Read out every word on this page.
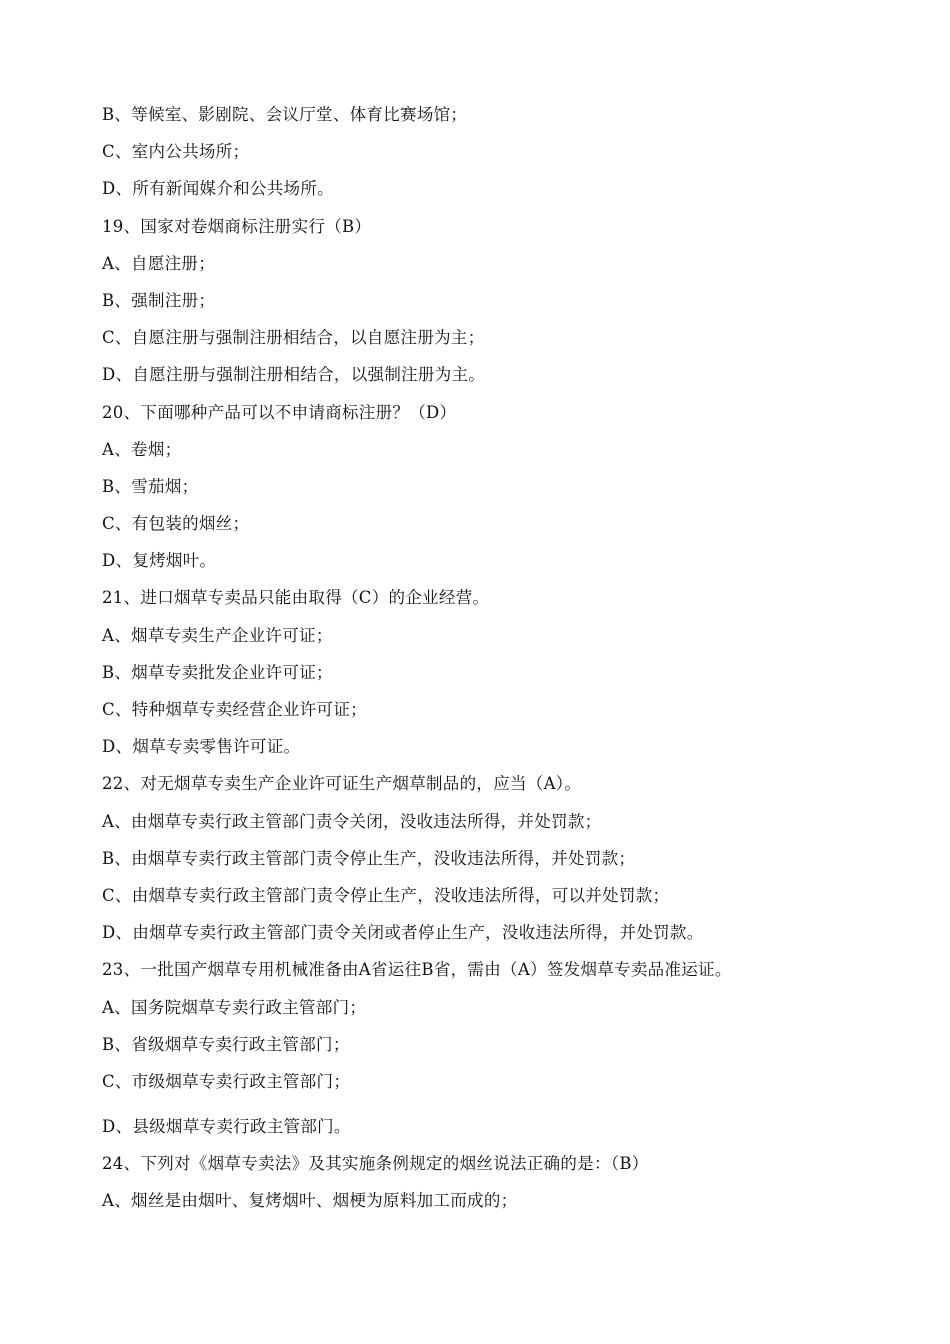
B、等候室、影剧院、会议厅堂、体育比赛场馆；
C、室内公共场所；
D、所有新闻媒介和公共场所。
19、国家对卷烟商标注册实行（B）
A、自愿注册；
B、强制注册；
C、自愿注册与强制注册相结合，以自愿注册为主；
D、自愿注册与强制注册相结合，以强制注册为主。
20、下面哪种产品可以不申请商标注册？（D）
A、卷烟；
B、雪茄烟；
C、有包装的烟丝；
D、复烤烟叶。
21、进口烟草专卖品只能由取得（C）的企业经营。
A、烟草专卖生产企业许可证；
B、烟草专卖批发企业许可证；
C、特种烟草专卖经营企业许可证；
D、烟草专卖零售许可证。
22、对无烟草专卖生产企业许可证生产烟草制品的，应当（A）。
A、由烟草专卖行政主管部门责令关闭，没收违法所得，并处罚款；
B、由烟草专卖行政主管部门责令停止生产，没收违法所得，并处罚款；
C、由烟草专卖行政主管部门责令停止生产，没收违法所得，可以并处罚款；
D、由烟草专卖行政主管部门责令关闭或者停止生产，没收违法所得，并处罚款。
23、一批国产烟草专用机械准备由A省运往B省，需由（A）签发烟草专卖品准运证。
A、国务院烟草专卖行政主管部门；
B、省级烟草专卖行政主管部门；
C、市级烟草专卖行政主管部门；
D、县级烟草专卖行政主管部门。
24、下列对《烟草专卖法》及其实施条例规定的烟丝说法正确的是：（B）
A、烟丝是由烟叶、复烤烟叶、烟梗为原料加工而成的；
